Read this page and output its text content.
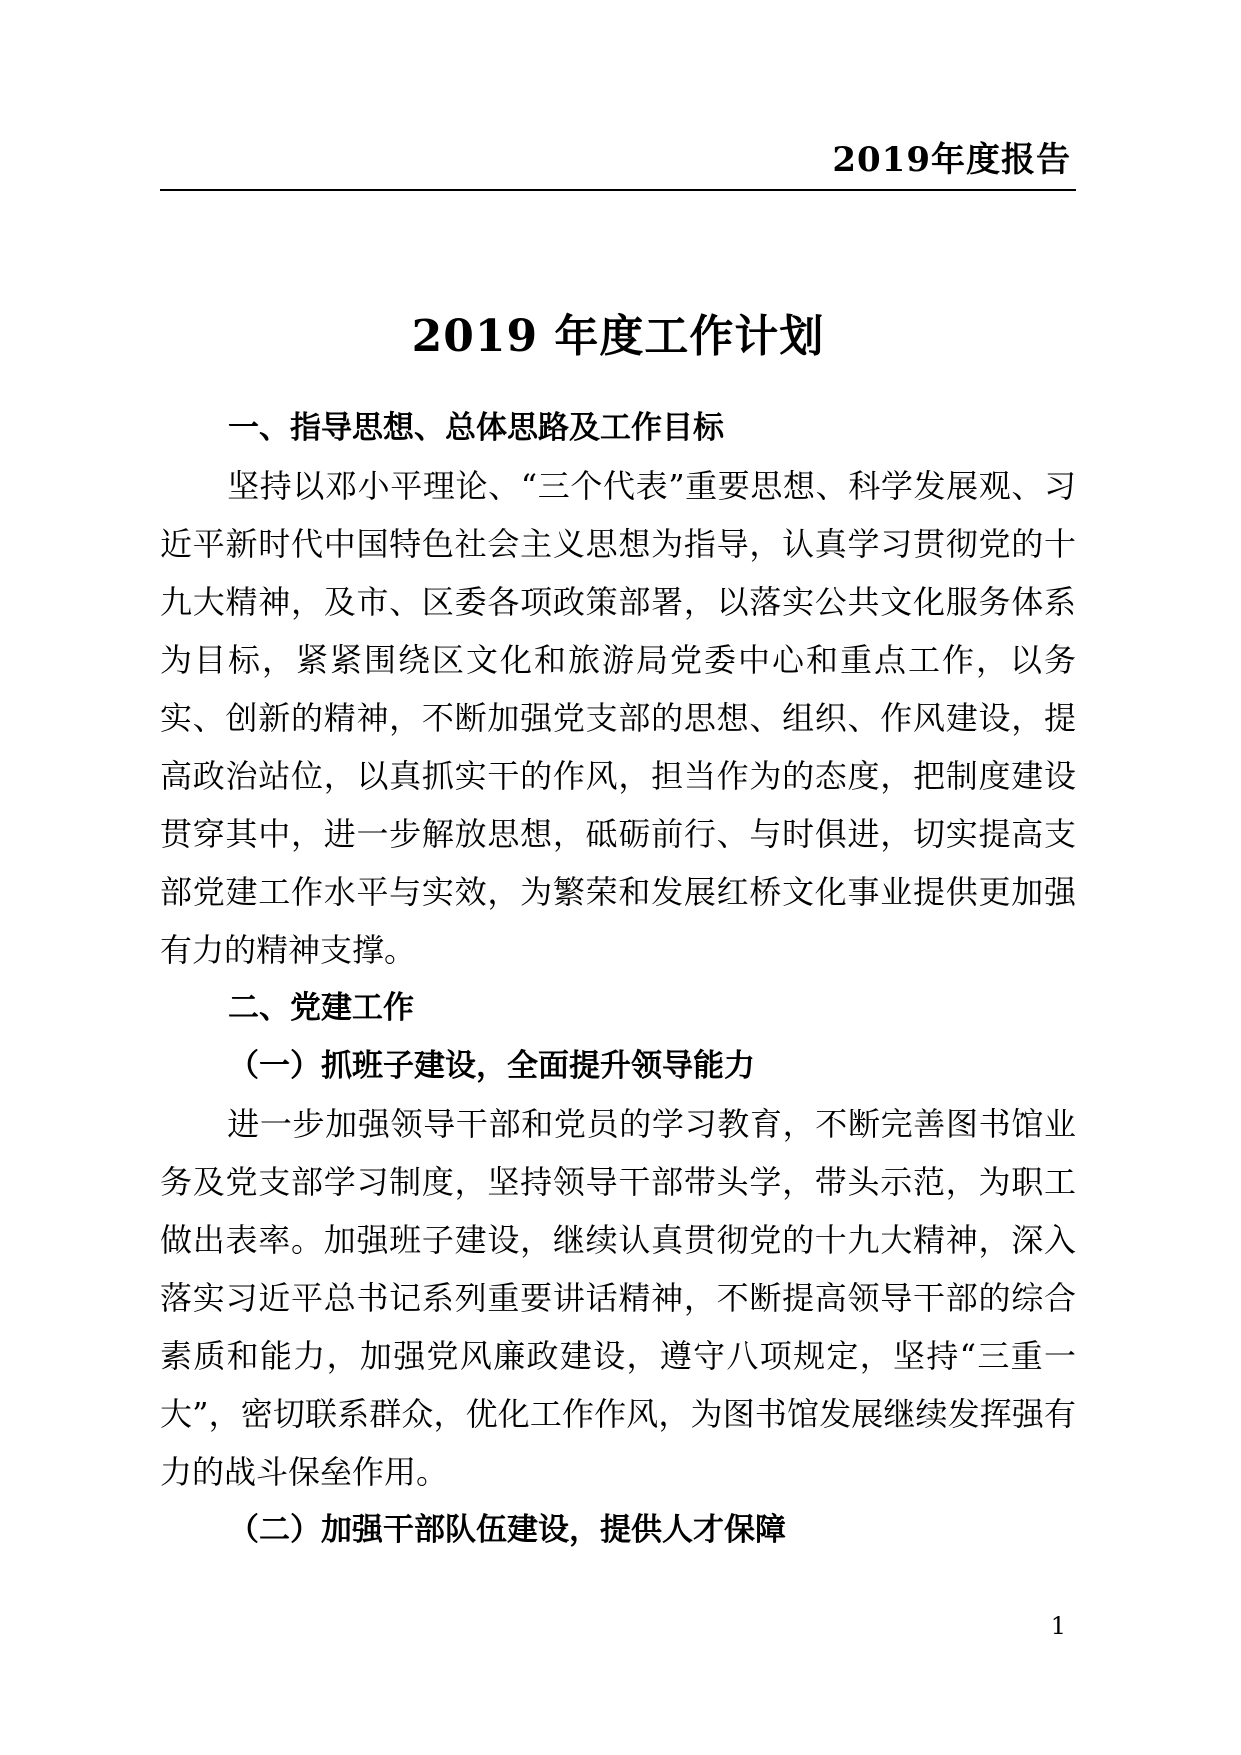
2019年度报告
2019 年度工作计划

一、指导思想、总体思路及工作目标

坚持以邓小平理论、“三个代表”重要思想、科学发展观、习近平新时代中国特色社会主义思想为指导，认真学习贯彻党的十九大精神，及市、区委各项政策部署，以落实公共文化服务体系为目标，紧紧围绕区文化和旅游局党委中心和重点工作，以务实、创新的精神，不断加强党支部的思想、组织、作风建设，提高政治站位，以真抓实干的作风，担当作为的态度，把制度建设贯穿其中，进一步解放思想，砥砺前行、与时俱进，切实提高支部党建工作水平与实效，为繁荣和发展红桥文化事业提供更加强有力的精神支撑。

二、党建工作

（一）抓班子建设，全面提升领导能力

进一步加强领导干部和党员的学习教育，不断完善图书馆业务及党支部学习制度，坚持领导干部带头学，带头示范，为职工做出表率。加强班子建设，继续认真贯彻党的十九大精神，深入落实习近平总书记系列重要讲话精神，不断提高领导干部的综合素质和能力，加强党风廉政建设，遵守八项规定，坚持“三重一大”，密切联系群众，优化工作作风，为图书馆发展继续发挥强有力的战斗保垒作用。

（二）加强干部队伍建设，提供人才保障

1
